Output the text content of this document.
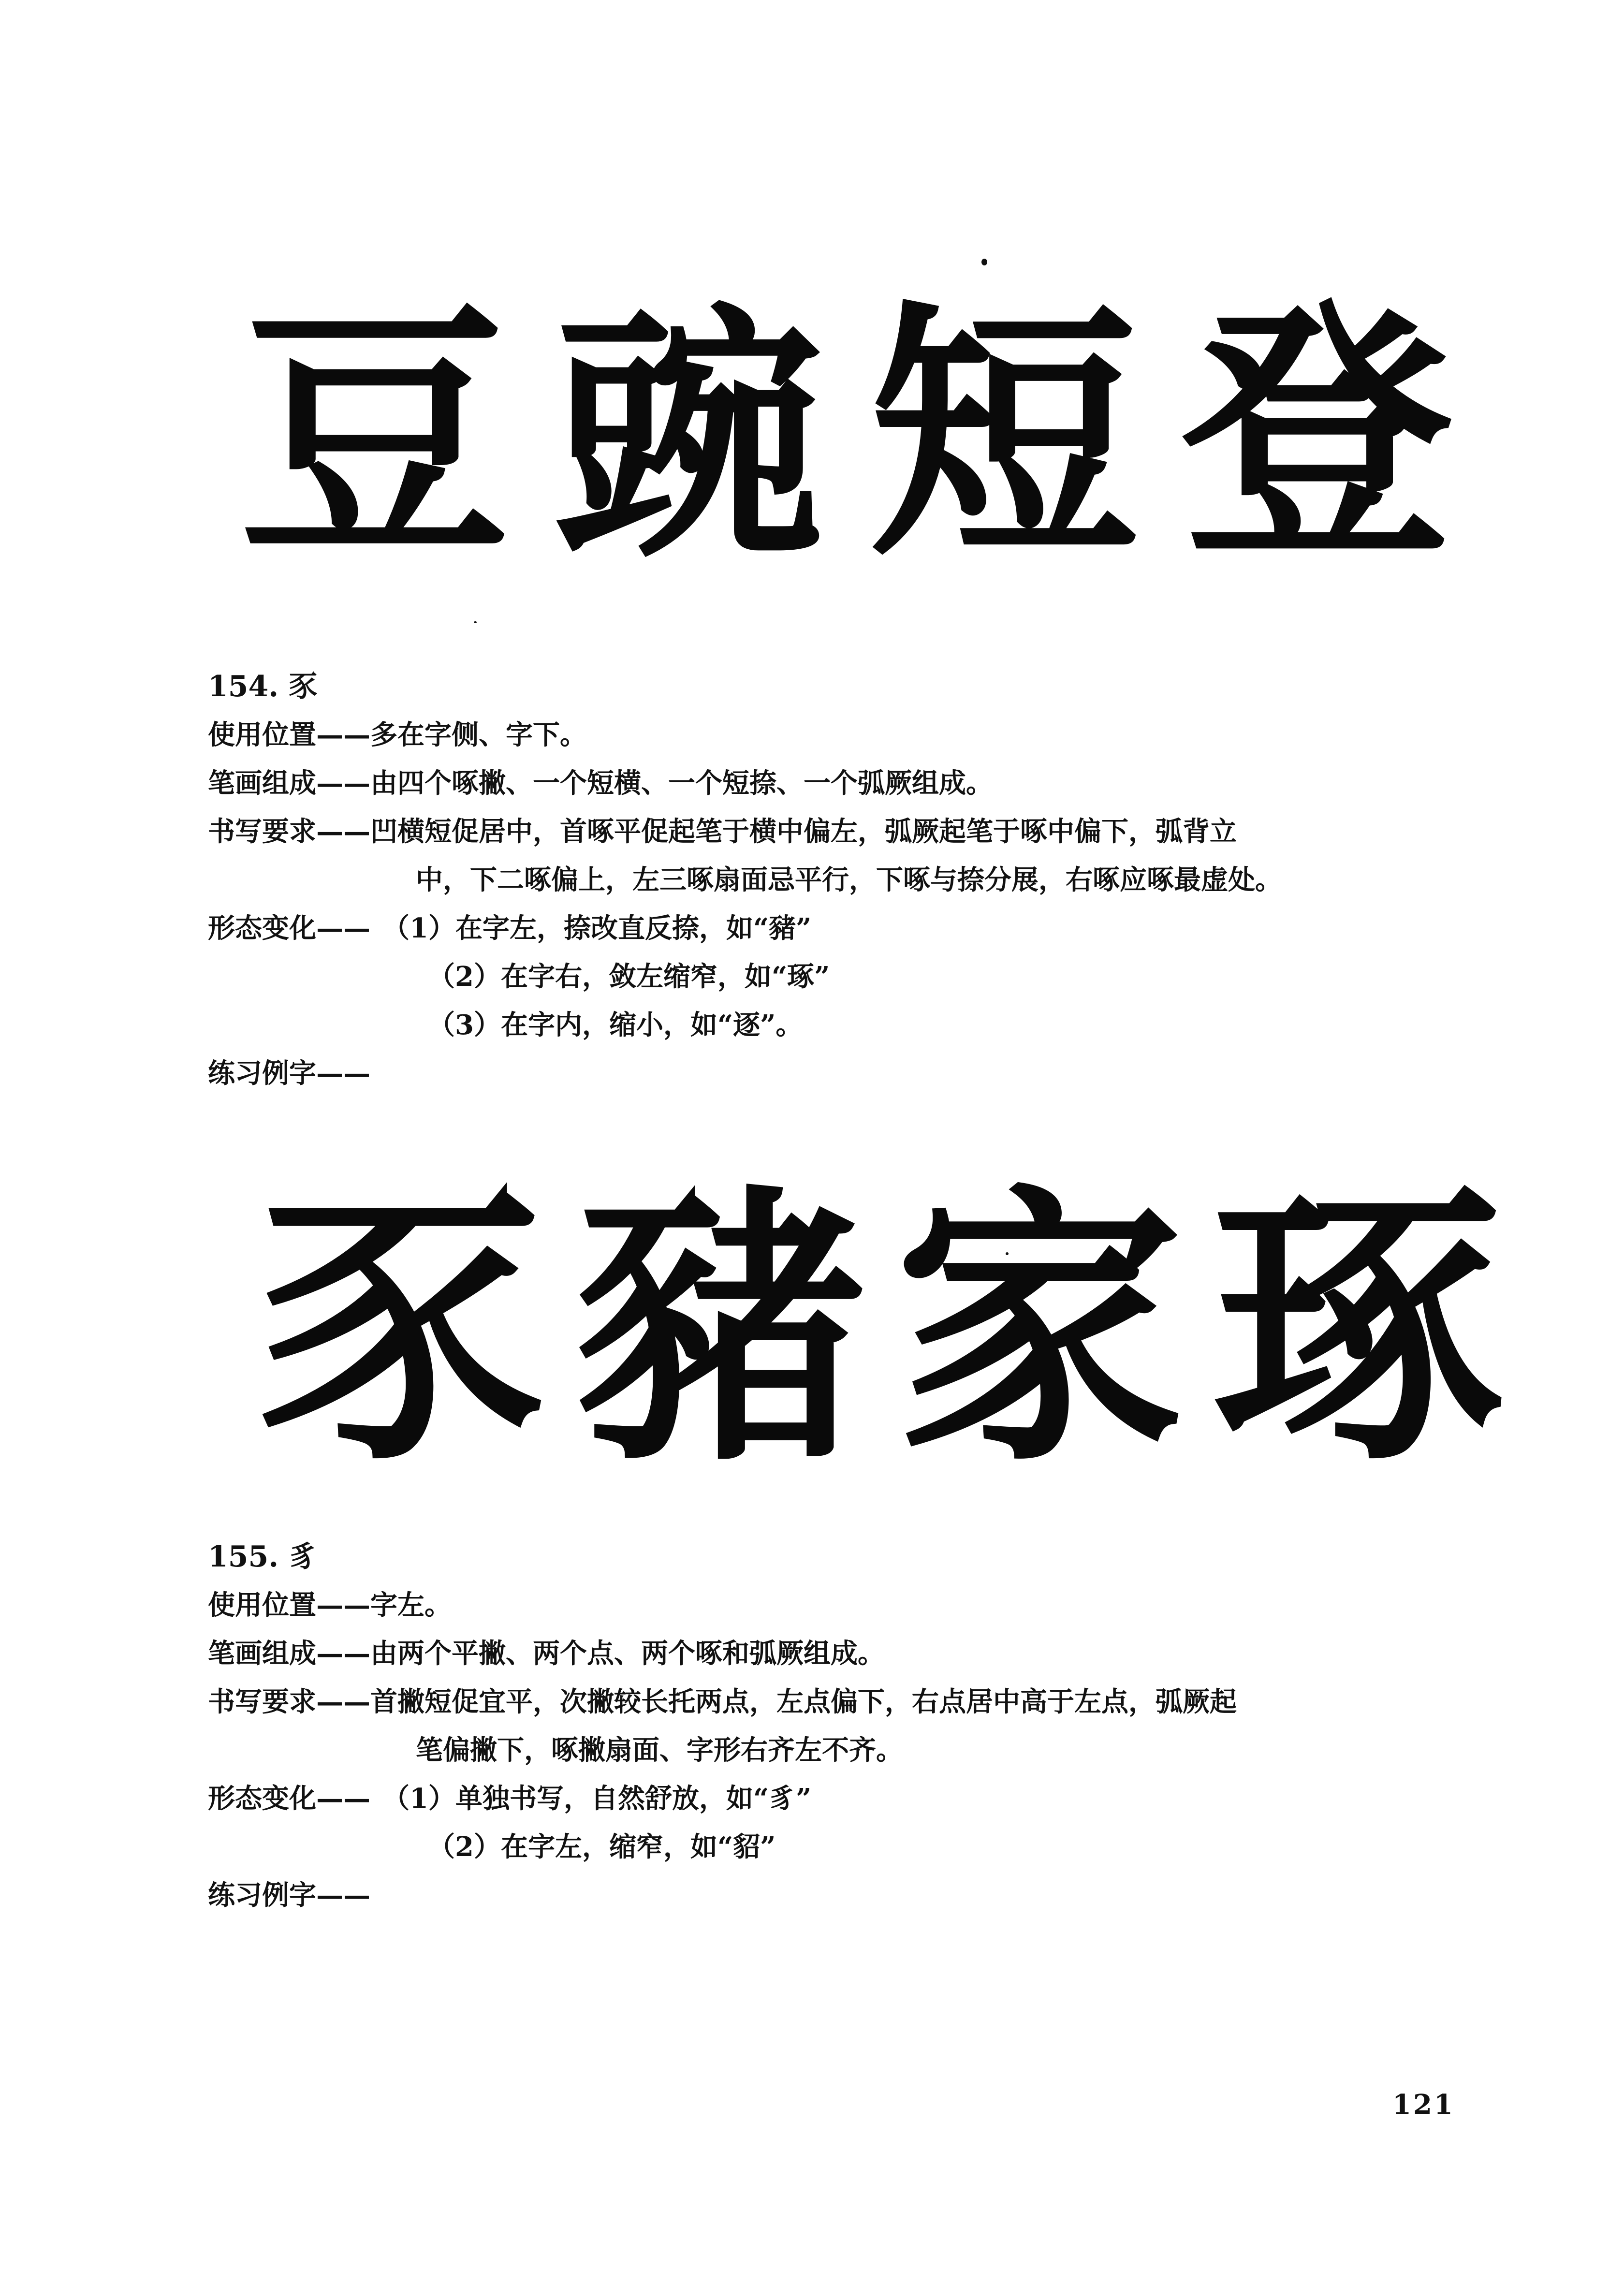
豆 豌 短 登
154. 豕
使用位置——多在字侧、字下。
笔画组成——由四个啄撇、一个短横、一个短捺、一个弧厥组成。
书写要求——凹横短促居中，首啄平促起笔于横中偏左，弧厥起笔于啄中偏下，弧背立
中，下二啄偏上，左三啄扇面忌平行，下啄与捺分展，右啄应啄最虚处。
形态变化—— （1）在字左，捺改直反捺，如“豬”
（2）在字右，敛左缩窄，如“琢”
（3）在字内，缩小，如“逐”。
练习例字——
豕 豬 家 琢
155. 豸
使用位置——字左。
笔画组成——由两个平撇、两个点、两个啄和弧厥组成。
书写要求——首撇短促宜平，次撇较长托两点，左点偏下，右点居中高于左点，弧厥起
笔偏撇下，啄撇扇面、字形右齐左不齐。
形态变化—— （1）单独书写，自然舒放，如“豸”
（2）在字左，缩窄，如“貂”
练习例字——
121
